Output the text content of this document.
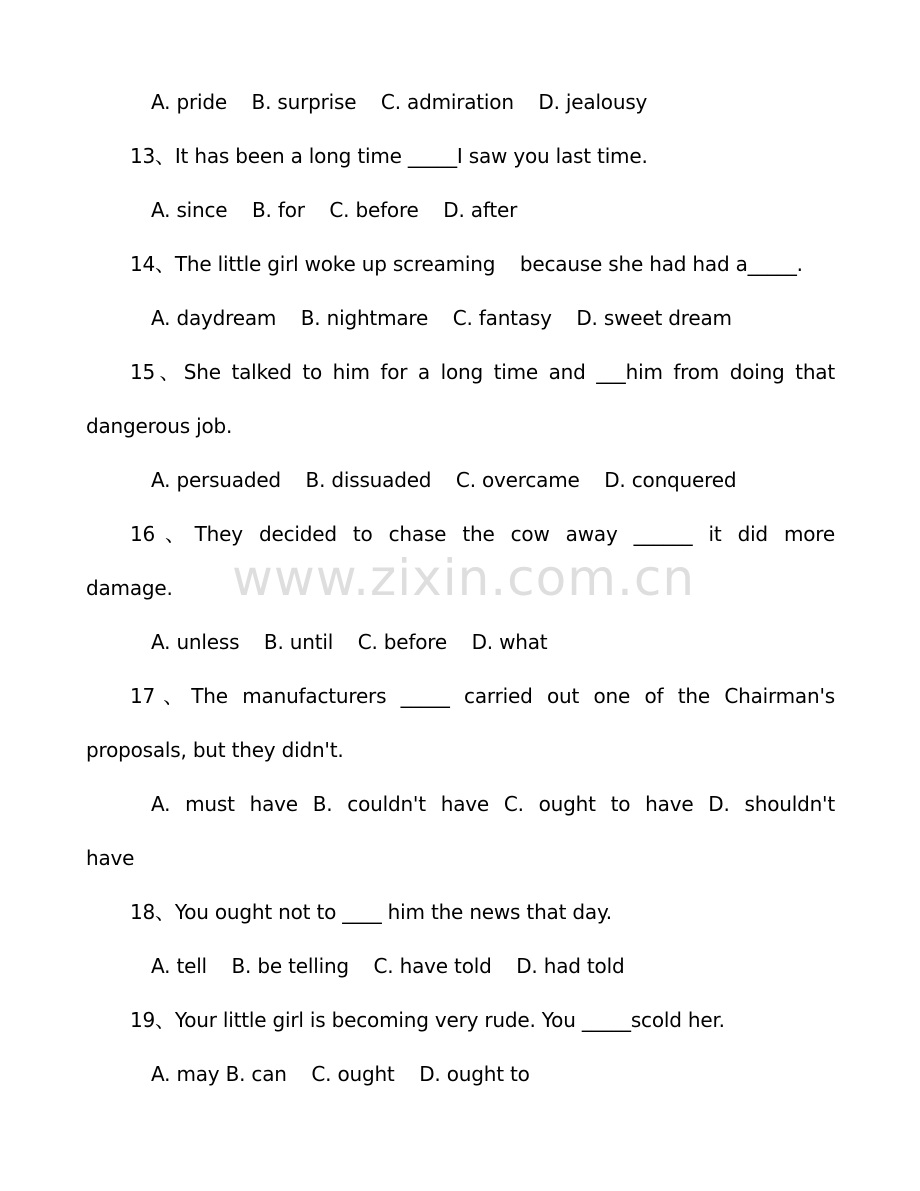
A. pride    B. surprise    C. admiration    D. jealousy
13、It has been a long time _____I saw you last time.
A. since    B. for    C. before    D. after
14、The little girl woke up screaming    because she had had a_____.
A. daydream    B. nightmare    C. fantasy    D. sweet dream
15、She talked to him for a long time and ___him from doing that
dangerous job.
A. persuaded    B. dissuaded    C. overcame    D. conquered
16、They decided to chase the cow away ______ it did more
damage.
A. unless    B. until    C. before    D. what
17、The manufacturers _____ carried out one of the Chairman's
proposals, but they didn't.
A. must have B. couldn't have C. ought to have D. shouldn't
have
18、You ought not to ____ him the news that day.
A. tell    B. be telling    C. have told    D. had told
19、Your little girl is becoming very rude. You _____scold her.
A. may B. can    C. ought    D. ought to
www.zixin.com.cn
